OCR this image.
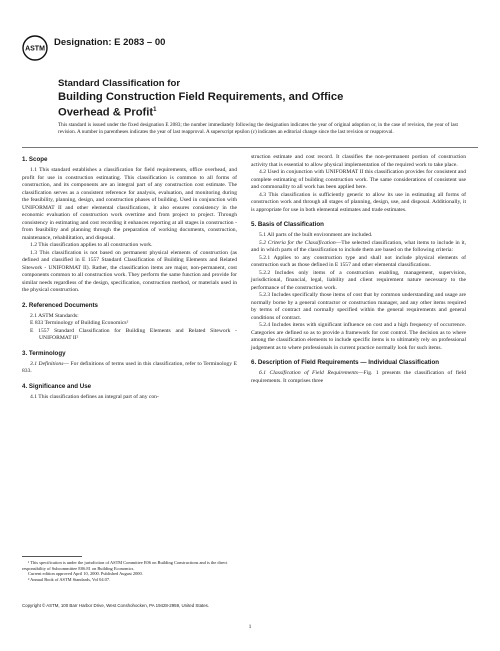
ASTM
Designation: E 2083 – 00
Standard Classification for
Building Construction Field Requirements, and Office
Overhead & Profit$^1$
This standard is issued under the fixed designation E 2083; the number immediately following the designation indicates the year of original adoption or, in the case of revision, the year of last revision. A number in parentheses indicates the year of last reapproval. A superscript epsilon (ε) indicates an editorial change since the last revision or reapproval.
1. Scope

1.1 This standard establishes a classification for field requirements, office overhead, and profit for use in construction estimating. This classification is common to all forms of construction, and its components are an integral part of any construction cost estimate. The classification serves as a consistent reference for analysis, evaluation, and monitoring during the feasibility, planning, design, and construction phases of building. Used in conjunction with UNIFORMAT II and other elemental classifications, it also ensures consistency in the economic evaluation of construction work overtime and from project to project. Through consistency in estimating and cost recording it enhances reporting at all stages in construction - from feasibility and planning through the preparation of working documents, construction, maintenance, rehabilitation, and disposal.

1.2 This classification applies to all construction work.

1.3 This classification is not based on permanent physical elements of construction (as defined and classified in E 1557 Standard Classification of Building Elements and Related Sitework - UNIFORMAT II). Rather, the classification items are major, non-permanent, cost components common to all construction work. They perform the same function and provide for similar needs regardless of the design, specification, construction method, or materials used in the physical construction.

2. Referenced Documents

2.1 ASTM Standards:

E 833 Terminology of Building Economics²

E 1557 Standard Classification for Building Elements and Related Sitework - UNIFORMAT II²

3. Terminology

3.1 Definitions— For definitions of terms used in this classification, refer to Terminology E 833.

4. Significance and Use

4.1 This classification defines an integral part of any con-

struction estimate and cost record. It classifies the non-permanent portion of construction activity that is essential to allow physical implementation of the required work to take place.

4.2 Used in conjunction with UNIFORMAT II this classification provides for consistent and complete estimating of building construction work. The same considerations of consistent use and commonality to all work has been applied here.

4.3 This classification is sufficiently generic to allow its use in estimating all forms of construction work and through all stages of planning, design, use, and disposal. Additionally, it is appropriate for use in both elemental estimates and trade estimates.

5. Basis of Classification

5.1 All parts of the built environment are included.

5.2 Criteria for the Classification—The selected classification, what items to include in it, and in which parts of the classification to include them are based on the following criteria:

5.2.1 Applies to any construction type and shall not include physical elements of construction such as those defined in E 1557 and other elemental classifications.

5.2.2 Includes only items of a construction enabling, management, supervision, jurisdictional, financial, legal, liability and client requirement nature necessary to the performance of the construction work.

5.2.3 Includes specifically those items of cost that by common understanding and usage are normally borne by a general contractor or construction manager, and any other items required by terms of contract and normally specified within the general requirements and general conditions of contract.

5.2.4 Includes items with significant influence on cost and a high frequency of occurrence. Categories are defined so as to provide a framework for cost control. The decision as to where among the classification elements to include specific items is to ultimately rely on professional judgement as to where professionals in current practice normally look for such items.

6. Description of Field Requirements — Individual Classification

6.1 Classification of Field Requirements—Fig. 1 presents the classification of field requirements. It comprises three

¹ This specification is under the jurisdiction of ASTM Committee E06 on Building Constructions and is the direct responsibility of Subcommittee E06.81 on Building Economics.

Current edition approved April 10, 2000. Published August 2000.

² Annual Book of ASTM Standards, Vol 04.07.

Copyright © ASTM, 100 Barr Harbor Drive, West Conshohocken, PA 19428-2959, United States.
1
